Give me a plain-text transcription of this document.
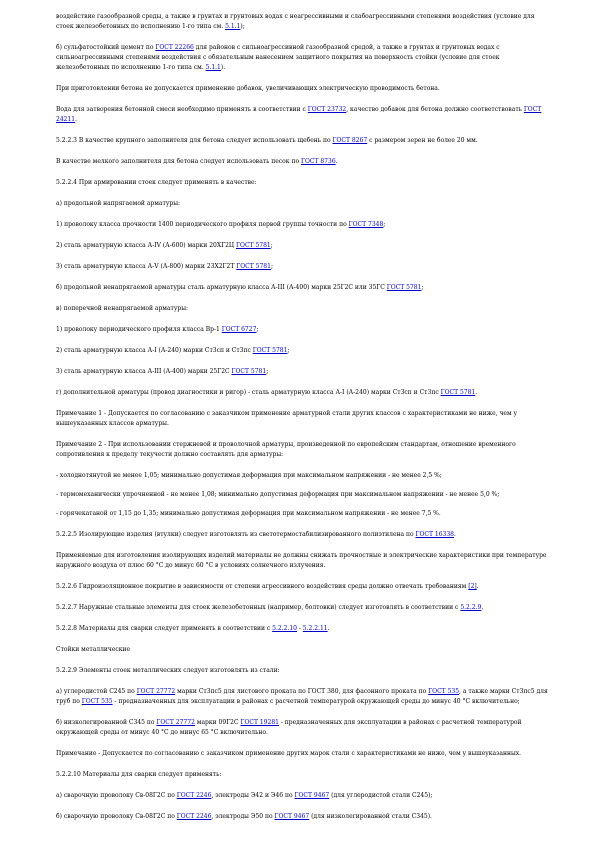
воздействие газообразной среды, а также в грунтах и грунтовых водах с неагрессивными и слабоагрессивными степенями воздействия (условие для стоек железобетонных по исполнению 1-го типа см. 5.1.1);

б) сульфатостойкий цемент по ГОСТ 22266 для районов с сильноагрессивной газообразной средой, а также в грунтах и грунтовых водах с сильноагрессивными степенями воздействия с обязательным нанесением защитного покрытия на поверхность стойки (условие для стоек железобетонных по исполнению 1-го типа см. 5.1.1).

При приготовлении бетона не допускается применение добавок, увеличивающих электрическую проводимость бетона.

Вода для затворения бетонной смеси необходимо применять в соответствии с ГОСТ 23732, качество добавок для бетона должно соответствовать ГОСТ 24211.

5.2.2.3 В качестве крупного заполнителя для бетона следует использовать щебень по ГОСТ 8267 с размером зерен не более 20 мм.

В качестве мелкого заполнителя для бетона следует использовать песок по ГОСТ 8736.

5.2.2.4 При армировании стоек следует применять в качестве:

а) продольной напрягаемой арматуры:

1) проволоку класса прочности 1400 периодического профиля первой группы точности по ГОСТ 7348;

2) сталь арматурную класса А-IV (А-600) марки 20ХГ2Ц ГОСТ 5781;

3) сталь арматурную класса А-V (А-800) марки 23Х2Г2Т ГОСТ 5781;

б) продольной ненапрягаемой арматуры сталь арматурную класса А-III (А-400) марки 25Г2С или 35ГС ГОСТ 5781;

в) поперечной ненапрягаемой арматуры:

1) проволоку периодического профиля класса Вр-1 ГОСТ 6727;

2) сталь арматурную класса А-I (А-240) марки Ст3сп и Ст3пс ГОСТ 5781;

3) сталь арматурную класса А-III (А-400) марки 25Г2С ГОСТ 5781;

г) дополнительной арматуры (провод диагностики и ригор) - сталь арматурную класса А-I (А-240) марки Ст3сп и Ст3пс ГОСТ 5781.

Примечание 1 - Допускается по согласованию с заказчиком применение арматурной стали других классов с характеристиками не ниже, чем у вышеуказанных классов арматуры.

Примечание 2 - При использовании стержневой и проволочной арматуры, произведенной по европейским стандартам, отношение временного сопротивления к пределу текучести должно составлять для арматуры:

- холоднотянутой не менее 1,05; минимально допустимая деформация при максимальном напряжении - не менее 2,5 %;

- термомеханически упрочненной - не менее 1,08; минимально допустимая деформация при максимальном напряжении - не менее 5,0 %;

- горячекатаной от 1,15 до 1,35; минимально допустимая деформация при максимальном напряжении - не менее 7,5 %.

5.2.2.5 Изолирующие изделия (втулки) следует изготовлять из светотермостабилизированного полиэтилена по ГОСТ 16338.

Применяемые для изготовления изолирующих изделий материалы не должны снижать прочностные и электрические характеристики при температуре наружного воздуха от плюс 60 °С до минус 60 °С в условиях солнечного излучения.

5.2.2.6 Гидроизоляционное покрытие в зависимости от степени агрессивного воздействия среды должно отвечать требованиям [2].

5.2.2.7 Наружные стальные элементы для стоек железобетонных (например, болтовки) следует изготовлять в соответствии с 5.2.2.9.

5.2.2.8 Материалы для сварки следует применять в соответствии с 5.2.2.10 - 5.2.2.11.

Стойки металлические

5.2.2.9 Элементы стоек металлических следует изготовлять из стали:

а) углеродистой С245 по ГОСТ 27772 марки Ст3пс5 для листового проката по ГОСТ 380, для фасонного проката по ГОСТ 535, а также марки Ст3пс5 для труб по ГОСТ 535 - предназначенных для эксплуатации в районах с расчетной температурой окружающей среды до минус 40 °С включительно;

б) низколегированной С345 по ГОСТ 27772 марки 09Г2С ГОСТ 19281 - предназначенных для эксплуатации в районах с расчетной температурой окружающей среды от минус 40 °С до минус 65 °С включительно.

Примечание - Допускается по согласованию с заказчиком применение других марок стали с характеристиками не ниже, чем у вышеуказанных.

5.2.2.10 Материалы для сварки следует применять:

а) сварочную проволоку Св-08Г2С по ГОСТ 2246, электроды Э42 и Э46 по ГОСТ 9467 (для углеродистой стали С245);

б) сварочную проволоку Св-08Г2С по ГОСТ 2246, электроды Э50 по ГОСТ 9467 (для низколегированной стали С345).
